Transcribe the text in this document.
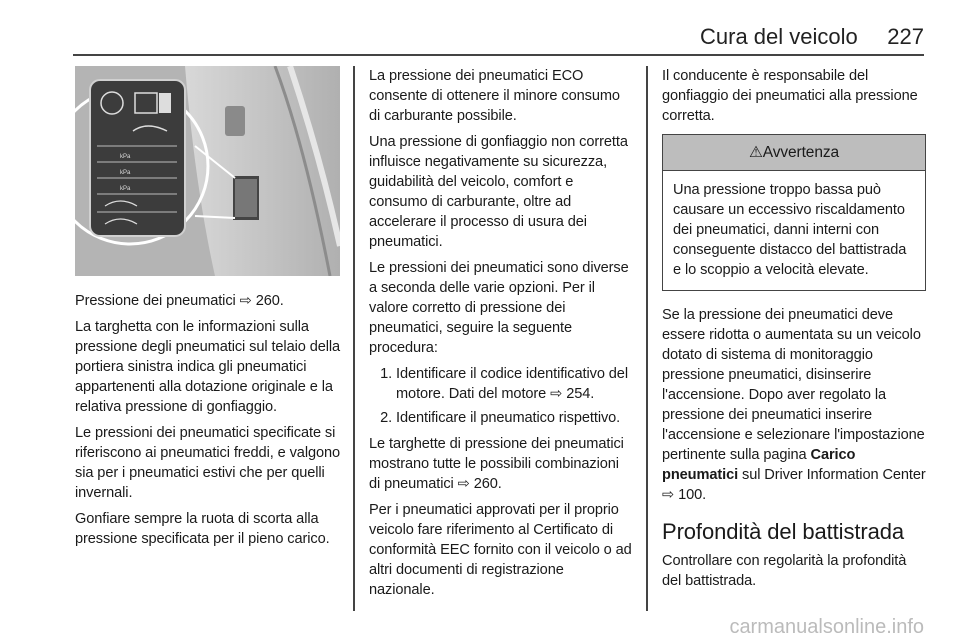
Cura del veicolo 227
kPa
kPa
kPa

Pressione dei pneumatici ⇨ 260.

La targhetta con le informazioni sulla pressione degli pneumatici sul telaio della portiera sinistra indica gli pneumatici appartenenti alla dotazione originale e la relativa pressione di gonfiaggio.

Le pressioni dei pneumatici specificate si riferiscono ai pneumatici freddi, e valgono sia per i pneumatici estivi che per quelli invernali.

Gonfiare sempre la ruota di scorta alla pressione specificata per il pieno carico.

La pressione dei pneumatici ECO consente di ottenere il minore consumo di carburante possibile.

Una pressione di gonfiaggio non corretta influisce negativamente su sicurezza, guidabilità del veicolo, comfort e consumo di carburante, oltre ad accelerare il processo di usura dei pneumatici.

Le pressioni dei pneumatici sono diverse a seconda delle varie opzioni. Per il valore corretto di pressione dei pneumatici, seguire la seguente procedura:

1. Identificare il codice identificativo del motore. Dati del motore ⇨ 254.
2. Identificare il pneumatico rispettivo.

Le targhette di pressione dei pneumatici mostrano tutte le possibili combinazioni di pneumatici ⇨ 260.

Per i pneumatici approvati per il proprio veicolo fare riferimento al Certificato di conformità EEC fornito con il veicolo o ad altri documenti di registrazione nazionale.

Il conducente è responsabile del gonfiaggio dei pneumatici alla pressione corretta.

⚠Avvertenza
Una pressione troppo bassa può causare un eccessivo riscaldamento dei pneumatici, danni interni con conseguente distacco del battistrada e lo scoppio a velocità elevate.

Se la pressione dei pneumatici deve essere ridotta o aumentata su un veicolo dotato di sistema di monitoraggio pressione pneumatici, disinserire l'accensione. Dopo aver regolato la pressione dei pneumatici inserire l'accensione e selezionare l'impostazione pertinente sulla pagina Carico pneumatici sul Driver Information Center ⇨ 100.

Profondità del battistrada

Controllare con regolarità la profondità del battistrada.

carmanualsonline.info
